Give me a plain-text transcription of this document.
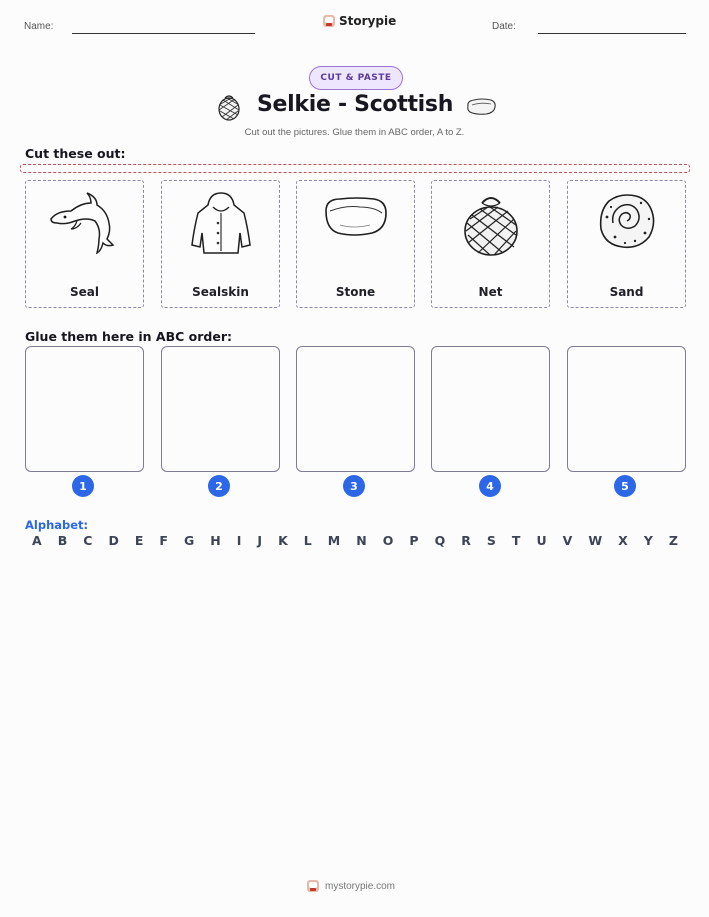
Name:	Storypie	Date:
CUT & PASTE
Selkie - Scottish
Cut out the pictures. Glue them in ABC order, A to Z.
Cut these out:
Seal	Sealskin	Stone	Net	Sand
Glue them here in ABC order:
1	2	3	4	5
Alphabet:
A B C D E F G H I J K L M N O P Q R S T U V W X Y Z
mystorypie.com
